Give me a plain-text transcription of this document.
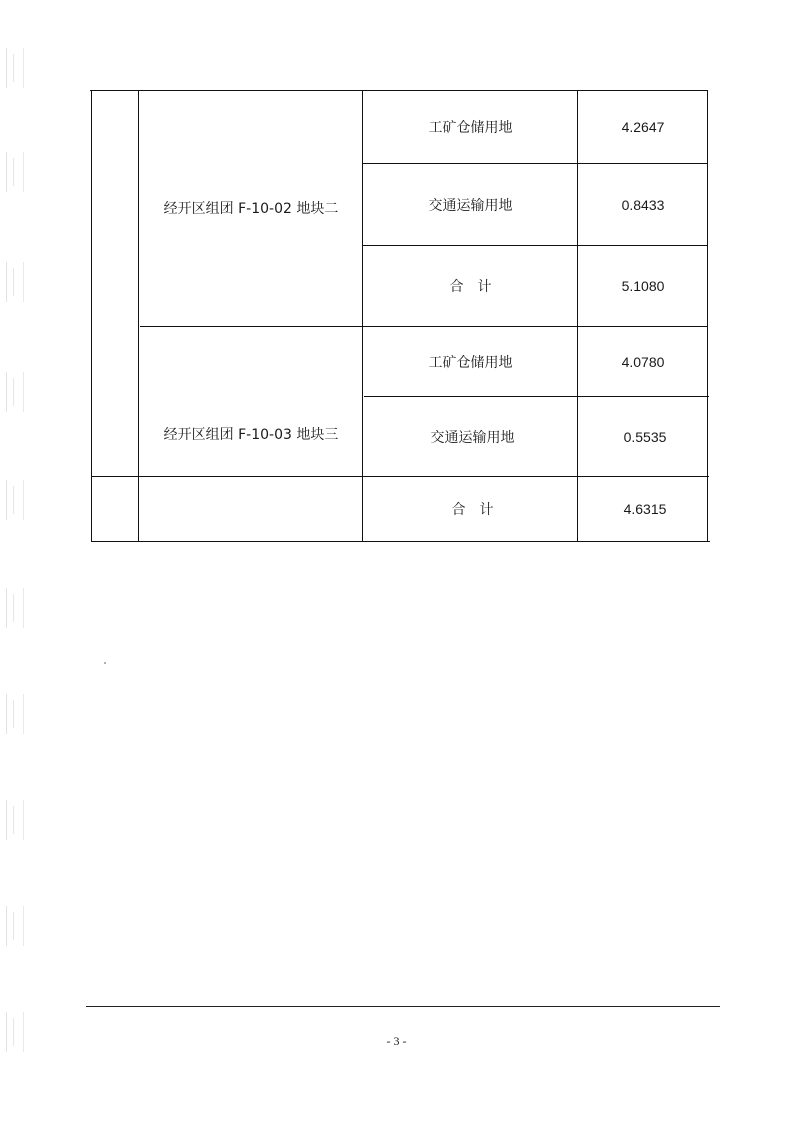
经开区组团 F-10-02 地块二
工矿仓储用地	4.2647
交通运输用地	0.8433
合　计	5.1080
经开区组团 F-10-03 地块三
工矿仓储用地	4.0780
交通运输用地	0.5535
合　计	4.6315
- 3 -
